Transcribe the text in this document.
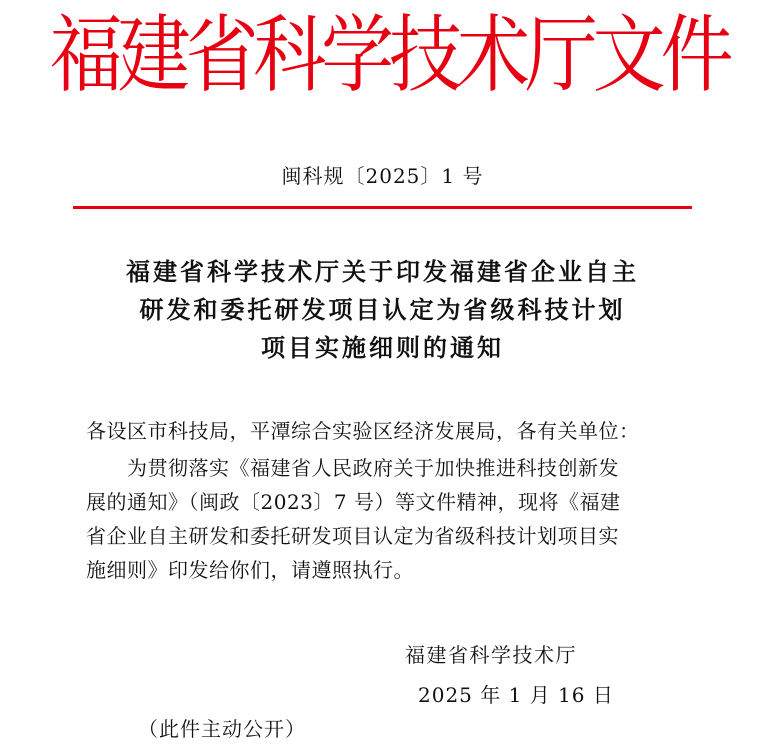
福建省科学技术厅文件
闽科规〔2025〕1 号
福建省科学技术厅关于印发福建省企业自主
研发和委托研发项目认定为省级科技计划
项目实施细则的通知
各设区市科技局，平潭综合实验区经济发展局，各有关单位：
　　为贯彻落实《福建省人民政府关于加快推进科技创新发
展的通知》（闽政〔2023〕7 号）等文件精神，现将《福建
省企业自主研发和委托研发项目认定为省级科技计划项目实
施细则》印发给你们，请遵照执行。
福建省科学技术厅
2025 年 1 月 16 日
（此件主动公开）
